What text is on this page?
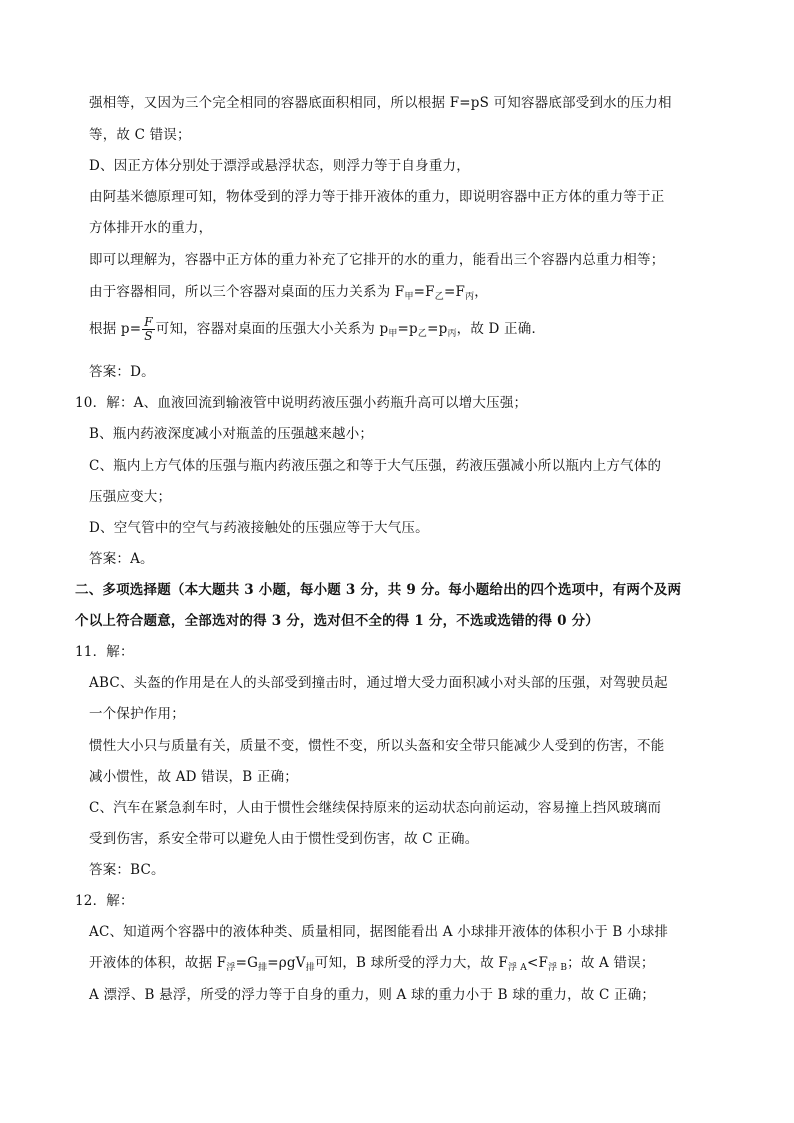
强相等，又因为三个完全相同的容器底面积相同，所以根据 F=pS 可知容器底部受到水的压力相
等，故 C 错误；
D、因正方体分别处于漂浮或悬浮状态，则浮力等于自身重力，
由阿基米德原理可知，物体受到的浮力等于排开液体的重力，即说明容器中正方体的重力等于正
方体排开水的重力，
即可以理解为，容器中正方体的重力补充了它排开的水的重力，能看出三个容器内总重力相等；
由于容器相同，所以三个容器对桌面的压力关系为 $F_甲=F_乙=F_丙$，
根据 $p= \frac{F}{S}$ 可知，容器对桌面的压强大小关系为 $p_甲=p_乙=p_丙$，故 D 正确．
答案：D。
10．解：A、血液回流到输液管中说明药液压强小药瓶升高可以增大压强；
B、瓶内药液深度减小对瓶盖的压强越来越小；
C、瓶内上方气体的压强与瓶内药液压强之和等于大气压强，药液压强减小所以瓶内上方气体的
压强应变大；
D、空气管中的空气与药液接触处的压强应等于大气压。
答案：A。
二、多项选择题（本大题共 3 小题，每小题 3 分，共 9 分。每小题给出的四个选项中，有两个及两
个以上符合题意，全部选对的得 3 分，选对但不全的得 1 分，不选或选错的得 0 分）
11．解：
ABC、头盔的作用是在人的头部受到撞击时，通过增大受力面积减小对头部的压强，对驾驶员起
一个保护作用；
惯性大小只与质量有关，质量不变，惯性不变，所以头盔和安全带只能减少人受到的伤害，不能
减小惯性，故 AD 错误，B 正确；
C、汽车在紧急刹车时，人由于惯性会继续保持原来的运动状态向前运动，容易撞上挡风玻璃而
受到伤害，系安全带可以避免人由于惯性受到伤害，故 C 正确。
答案：BC。
12．解：
AC、知道两个容器中的液体种类、质量相同，据图能看出 A 小球排开液体的体积小于 B 小球排
开液体的体积，故据 $F_浮=G_排=\rho gV_排$可知，B 球所受的浮力大，故 $F_{浮 A}<F_{浮 B}$；故 A 错误；
A 漂浮、B 悬浮，所受的浮力等于自身的重力，则 A 球的重力小于 B 球的重力，故 C 正确；
